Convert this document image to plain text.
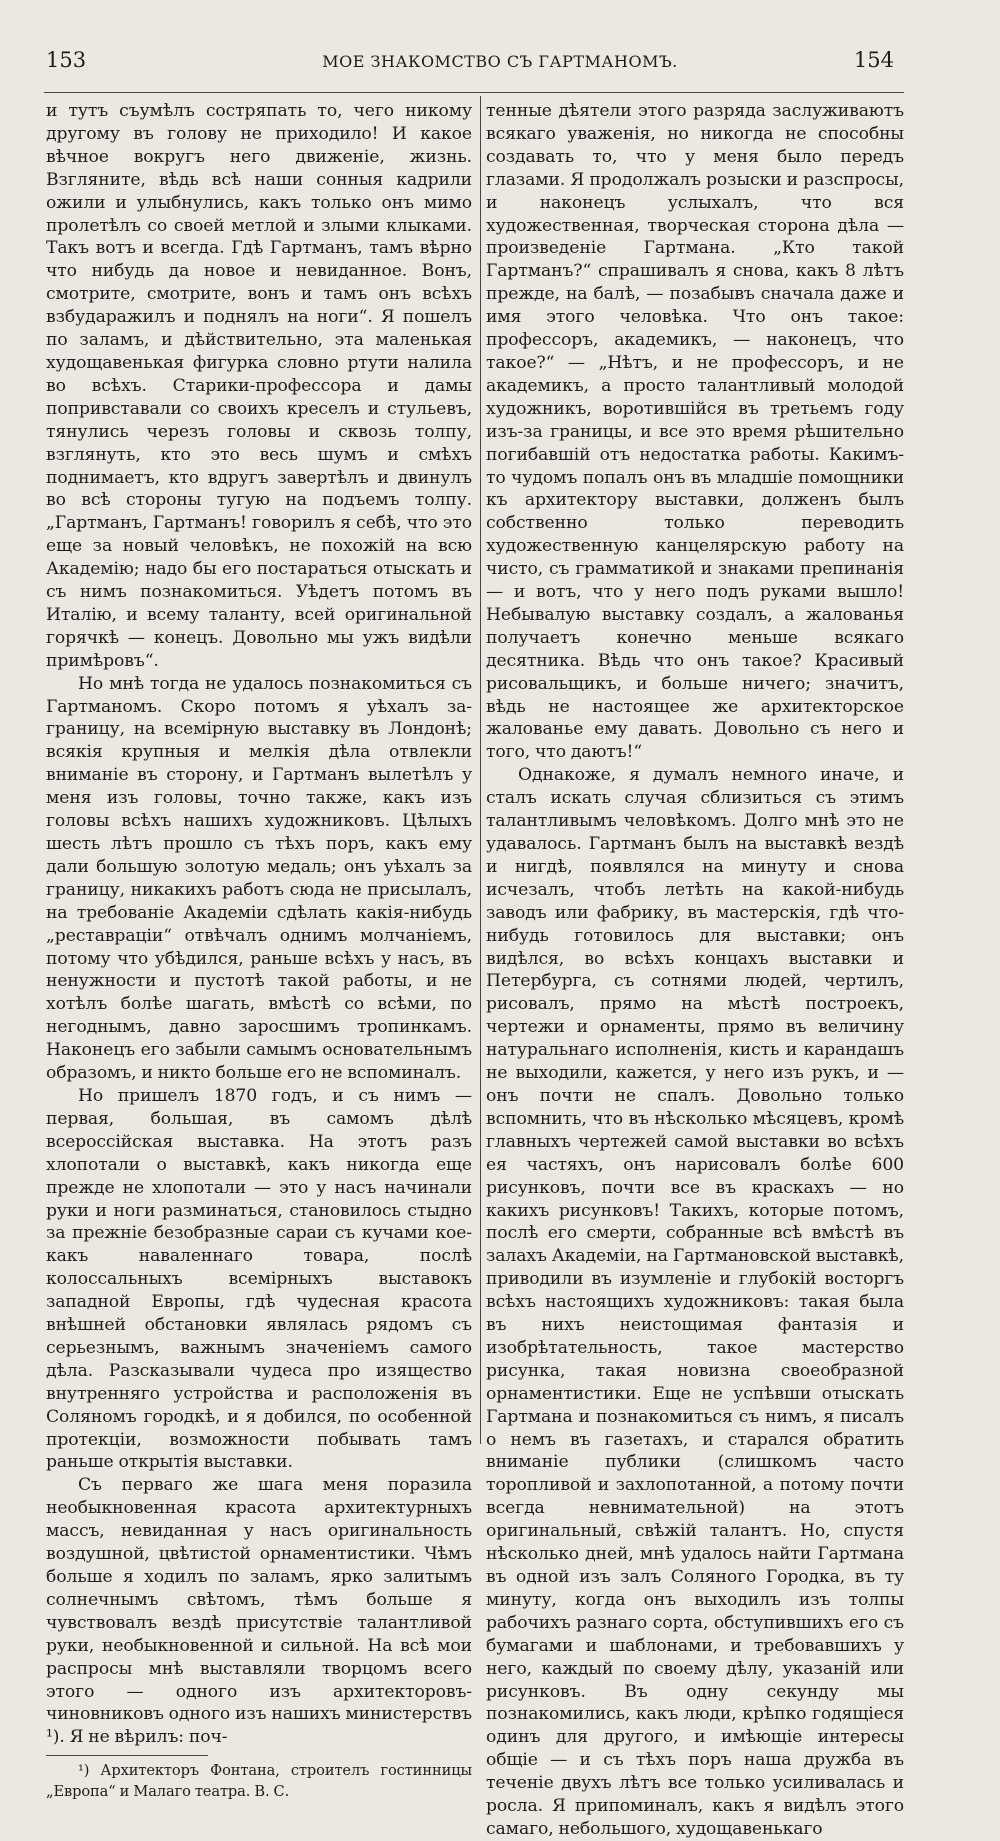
153	МОЕ ЗНАКОМСТВО СЪ ГАРТМАНОМЪ.	154

и тутъ съумѣлъ состряпать то, чего никому другому въ голову не приходило! И какое вѣчное вокругъ него движеніе, жизнь. Взгляните, вѣдь всѣ наши сонныя кадрили ожили и улыбнулись, какъ только онъ мимо пролетѣлъ со своей метлой и злыми клыками. Такъ вотъ и всегда. Гдѣ Гартманъ, тамъ вѣрно что нибудь да новое и невиданное. Вонъ, смотрите, смотрите, вонъ и тамъ онъ всѣхъ взбударажилъ и поднялъ на ноги“. Я пошелъ по заламъ, и дѣйствительно, эта маленькая худощавенькая фигурка словно ртути налила во всѣхъ. Старики-профессора и дамы попривставали со своихъ креселъ и стульевъ, тянулись черезъ головы и сквозь толпу, взглянуть, кто это весь шумъ и смѣхъ поднимаетъ, кто вдругъ завертѣлъ и двинулъ во всѣ стороны тугую на подъемъ толпу. „Гартманъ, Гартманъ! говорилъ я себѣ, что это еще за новый человѣкъ, не похожій на всю Академію; надо бы его постараться отыскать и съ нимъ познакомиться. Уѣдетъ потомъ въ Италію, и всему таланту, всей оригинальной горячкѣ — конецъ. Довольно мы ужъ видѣли примѣровъ“.

Но мнѣ тогда не удалось познакомиться съ Гартманомъ. Скоро потомъ я уѣхалъ за-границу, на всемірную выставку въ Лондонѣ; всякія крупныя и мелкія дѣла отвлекли вниманіе въ сторону, и Гартманъ вылетѣлъ у меня изъ головы, точно также, какъ изъ головы всѣхъ нашихъ художниковъ. Цѣлыхъ шесть лѣтъ прошло съ тѣхъ поръ, какъ ему дали большую золотую медаль; онъ уѣхалъ за границу, никакихъ работъ сюда не присылалъ, на требованіе Академіи сдѣлать какія-нибудь „реставраціи“ отвѣчалъ однимъ молчаніемъ, потому что убѣдился, раньше всѣхъ у насъ, въ ненужности и пустотѣ такой работы, и не хотѣлъ болѣе шагать, вмѣстѣ со всѣми, по негоднымъ, давно заросшимъ тропинкамъ. Наконецъ его забыли самымъ основательнымъ образомъ, и никто больше его не вспоминалъ.

Но пришелъ 1870 годъ, и съ нимъ — первая, большая, въ самомъ дѣлѣ всероссійская выставка. На этотъ разъ хлопотали о выставкѣ, какъ никогда еще прежде не хлопотали — это у насъ начинали руки и ноги разминаться, становилось стыдно за прежніе безобразные сараи съ кучами кое-какъ наваленнаго товара, послѣ колоссальныхъ всемірныхъ выставокъ западной Европы, гдѣ чудесная красота внѣшней обстановки являлась рядомъ съ серьезнымъ, важнымъ значеніемъ самого дѣла. Разсказывали чудеса про изящество внутренняго устройства и расположенія въ Соляномъ городкѣ, и я добился, по особенной протекціи, возможности побывать тамъ раньше открытія выставки.

Съ перваго же шага меня поразила необыкновенная красота архитектурныхъ массъ, невиданная у насъ оригинальность воздушной, цвѣтистой орнаментистики. Чѣмъ больше я ходилъ по заламъ, ярко залитымъ солнечнымъ свѣтомъ, тѣмъ больше я чувствовалъ вездѣ присутствіе талантливой руки, необыкновенной и сильной. На всѣ мои распросы мнѣ выставляли творцомъ всего этого — одного изъ архитекторовъ-чиновниковъ одного изъ нашихъ министерствъ ¹). Я не вѣрилъ: поч-

¹) Архитекторъ Фонтана, строителъ гостинницы „Европа“ и Малаго театра. В. С.

тенные дѣятели этого разряда заслуживаютъ всякаго уваженія, но никогда не способны создавать то, что у меня было передъ глазами. Я продолжалъ розыски и разспросы, и наконецъ услыхалъ, что вся художественная, творческая сторона дѣла — произведеніе Гартмана. „Кто такой Гартманъ?“ спрашивалъ я снова, какъ 8 лѣтъ прежде, на балѣ, — позабывъ сначала даже и имя этого человѣка. Что онъ такое: профессоръ, академикъ, — наконецъ, что такое?“ — „Нѣтъ, и не профессоръ, и не академикъ, а просто талантливый молодой художникъ, воротившійся въ третьемъ году изъ-за границы, и все это время рѣшительно погибавшій отъ недостатка работы. Какимъ-то чудомъ попалъ онъ въ младшіе помощники къ архитектору выставки, долженъ былъ собственно только переводить художественную канцелярскую работу на чисто, съ грамматикой и знаками препинанія — и вотъ, что у него подъ руками вышло! Небывалую выставку создалъ, а жалованья получаетъ конечно меньше всякаго десятника. Вѣдь что онъ такое? Красивый рисовальщикъ, и больше ничего; значитъ, вѣдь не настоящее же архитекторское жалованье ему давать. Довольно съ него и того, что даютъ!“

Однакоже, я думалъ немного иначе, и сталъ искать случая сблизиться съ этимъ талантливымъ человѣкомъ. Долго мнѣ это не удавалось. Гартманъ былъ на выставкѣ вездѣ и нигдѣ, появлялся на минуту и снова исчезалъ, чтобъ летѣть на какой-нибудь заводъ или фабрику, въ мастерскія, гдѣ что-нибудь готовилось для выставки; онъ видѣлся, во всѣхъ концахъ выставки и Петербурга, съ сотнями людей, чертилъ, рисовалъ, прямо на мѣстѣ построекъ, чертежи и орнаменты, прямо въ величину натуральнаго исполненія, кисть и карандашъ не выходили, кажется, у него изъ рукъ, и — онъ почти не спалъ. Довольно только вспомнить, что въ нѣсколько мѣсяцевъ, кромѣ главныхъ чертежей самой выставки во всѣхъ ея частяхъ, онъ нарисовалъ болѣе 600 рисунковъ, почти все въ краскахъ — но какихъ рисунковъ! Такихъ, которые потомъ, послѣ его смерти, собранные всѣ вмѣстѣ въ залахъ Академіи, на Гартмановской выставкѣ, приводили въ изумленіе и глубокій восторгъ всѣхъ настоящихъ художниковъ: такая была въ нихъ неистощимая фантазія и изобрѣтательность, такое мастерство рисунка, такая новизна своеобразной орнаментистики. Еще не успѣвши отыскать Гартмана и познакомиться съ нимъ, я писалъ о немъ въ газетахъ, и старался обратить вниманіе публики (слишкомъ часто торопливой и захлопотанной, а потому почти всегда невнимательной) на этотъ оригинальный, свѣжій талантъ. Но, спустя нѣсколько дней, мнѣ удалось найти Гартмана въ одной изъ залъ Соляного Городка, въ ту минуту, когда онъ выходилъ изъ толпы рабочихъ разнаго сорта, обступившихъ его съ бумагами и шаблонами, и требовавшихъ у него, каждый по своему дѣлу, указаній или рисунковъ. Въ одну секунду мы познакомились, какъ люди, крѣпко годящіеся одинъ для другого, и имѣющіе интересы общіе — и съ тѣхъ поръ наша дружба въ теченіе двухъ лѣтъ все только усиливалась и росла. Я припоминалъ, какъ я видѣлъ этого самаго, небольшого, худощавенькаго
